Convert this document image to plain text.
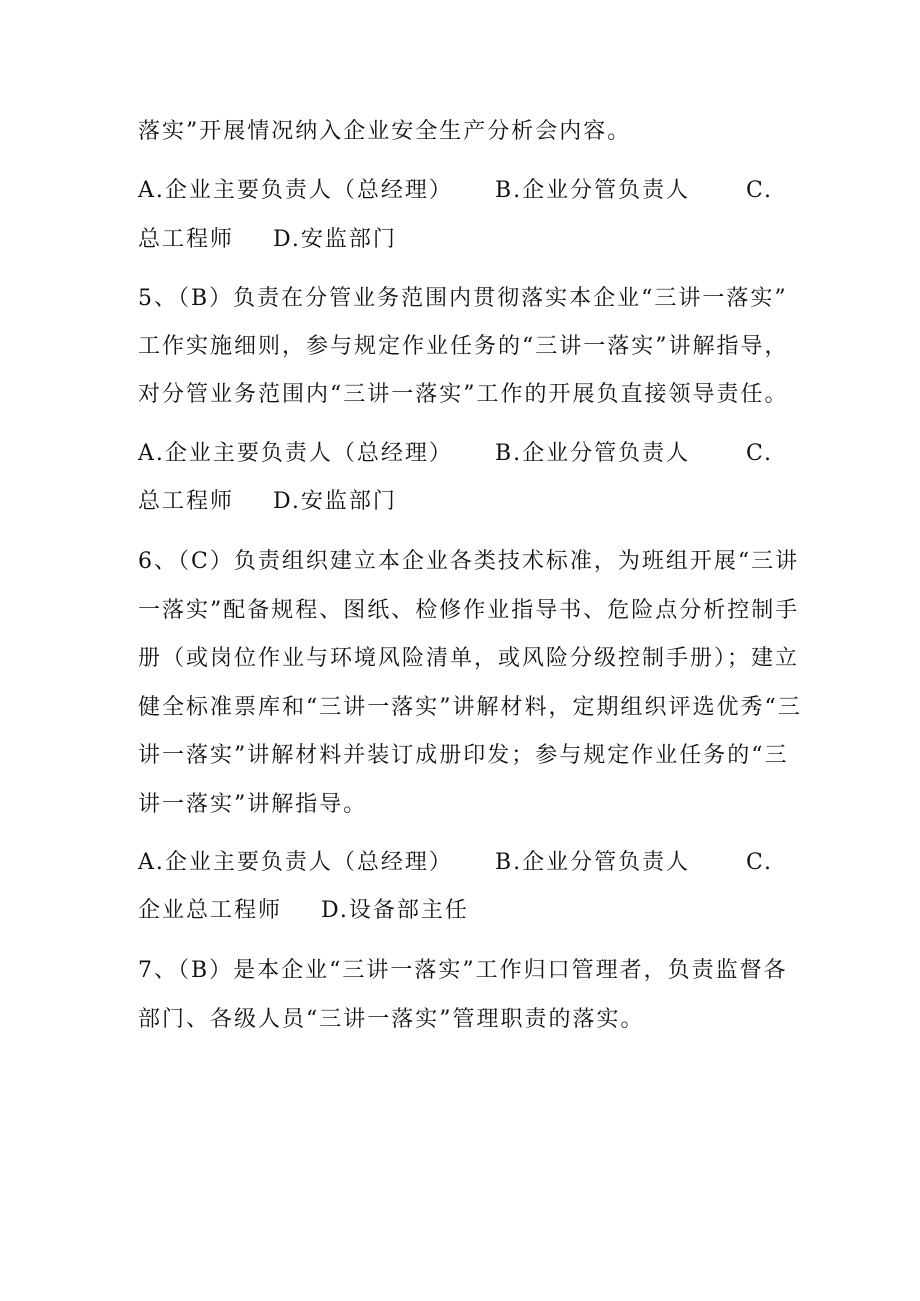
落实”开展情况纳入企业安全生产分析会内容。
A.企业主要负责人（总经理） B.企业分管负责人	C.
总工程师 D.安监部门
5、（B）负责在分管业务范围内贯彻落实本企业“三讲一落实”
工作实施细则，参与规定作业任务的“三讲一落实”讲解指导，
对分管业务范围内“三讲一落实”工作的开展负直接领导责任。
A.企业主要负责人（总经理） B.企业分管负责人	C.
总工程师 D.安监部门
6、（C）负责组织建立本企业各类技术标准，为班组开展“三讲
一落实”配备规程、图纸、检修作业指导书、危险点分析控制手
册（或岗位作业与环境风险清单，或风险分级控制手册）；建立
健全标准票库和“三讲一落实”讲解材料，定期组织评选优秀“三
讲一落实”讲解材料并装订成册印发；参与规定作业任务的“三
讲一落实”讲解指导。
A.企业主要负责人（总经理） B.企业分管负责人	C.
企业总工程师 D.设备部主任
7、（B）是本企业“三讲一落实”工作归口管理者，负责监督各
部门、各级人员“三讲一落实”管理职责的落实。
